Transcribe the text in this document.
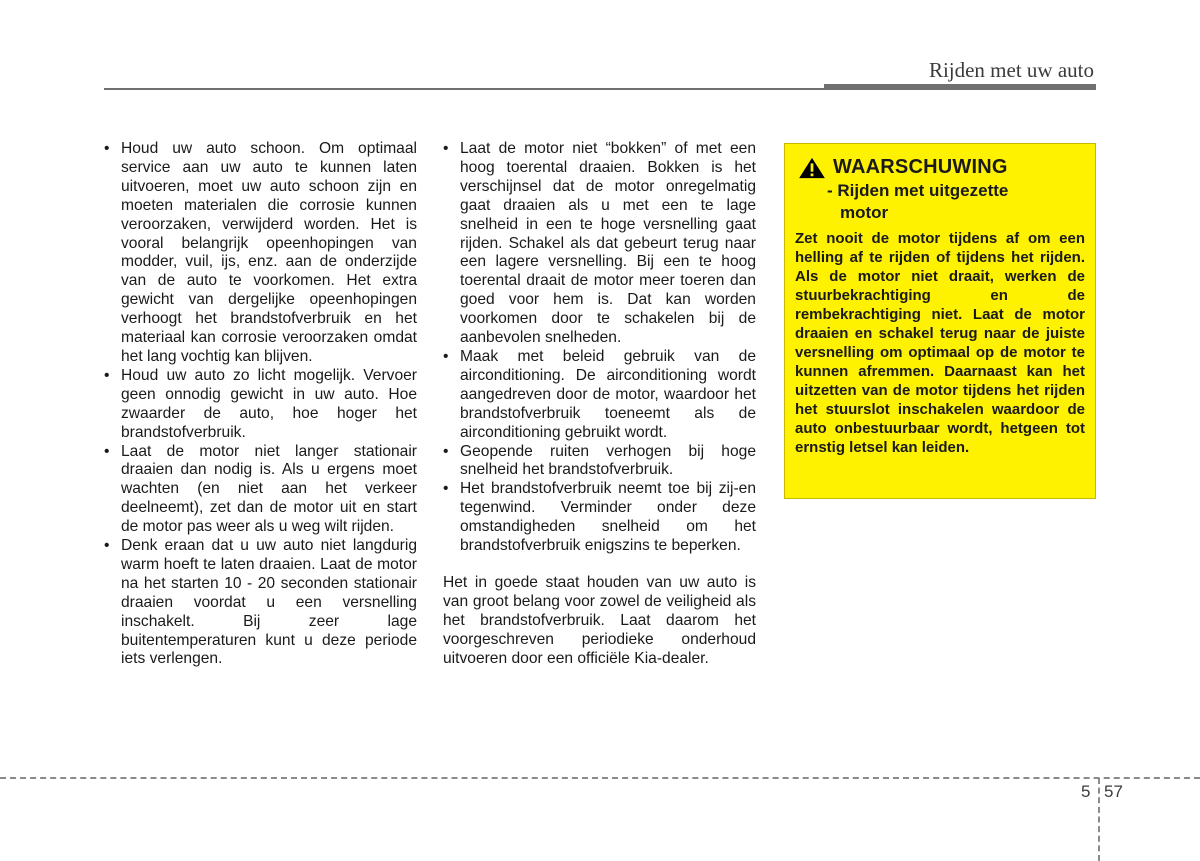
Rijden met uw auto
• Houd uw auto schoon. Om optimaal service aan uw auto te kunnen laten uitvoeren, moet uw auto schoon zijn en moeten materialen die corrosie kunnen veroorzaken, verwijderd worden. Het is vooral belangrijk opeenhopingen van modder, vuil, ijs, enz. aan de onderzijde van de auto te voorkomen. Het extra gewicht van dergelijke opeenhopingen verhoogt het brandstofverbruik en het materiaal kan corrosie veroorzaken omdat het lang vochtig kan blijven.
• Houd uw auto zo licht mogelijk. Vervoer geen onnodig gewicht in uw auto. Hoe zwaarder de auto, hoe hoger het brandstofverbruik.
• Laat de motor niet langer stationair draaien dan nodig is. Als u ergens moet wachten (en niet aan het verkeer deelneemt), zet dan de motor uit en start de motor pas weer als u weg wilt rijden.
• Denk eraan dat u uw auto niet langdurig warm hoeft te laten draaien. Laat de motor na het starten 10 - 20 seconden stationair draaien voordat u een versnelling inschakelt. Bij zeer lage buitentemperaturen kunt u deze periode iets verlengen.
• Laat de motor niet “bokken” of met een hoog toerental draaien. Bokken is het verschijnsel dat de motor onregelmatig gaat draaien als u met een te lage snelheid in een te hoge versnelling gaat rijden. Schakel als dat gebeurt terug naar een lagere versnelling. Bij een te hoog toerental draait de motor meer toeren dan goed voor hem is. Dat kan worden voorkomen door te schakelen bij de aanbevolen snelheden.
• Maak met beleid gebruik van de airconditioning. De airconditioning wordt aangedreven door de motor, waardoor het brandstofverbruik toeneemt als de airconditioning gebruikt wordt.
• Geopende ruiten verhogen bij hoge snelheid het brandstofverbruik.
• Het brandstofverbruik neemt toe bij zij-en tegenwind. Verminder onder deze omstandigheden snelheid om het brandstofverbruik enigszins te beperken.

Het in goede staat houden van uw auto is van groot belang voor zowel de veiligheid als het brandstofverbruik. Laat daarom het voorgeschreven periodieke onderhoud uitvoeren door een officiële Kia-dealer.

WAARSCHUWING
- Rijden met uitgezette
motor
Zet nooit de motor tijdens af om een helling af te rijden of tijdens het rijden. Als de motor niet draait, werken de stuurbekrachtiging en de rembekrachtiging niet. Laat de motor draaien en schakel terug naar de juiste versnelling om optimaal op de motor te kunnen afremmen. Daarnaast kan het uitzetten van de motor tijdens het rijden het stuurslot inschakelen waardoor de auto onbestuurbaar wordt, hetgeen tot ernstig letsel kan leiden.
5 57
